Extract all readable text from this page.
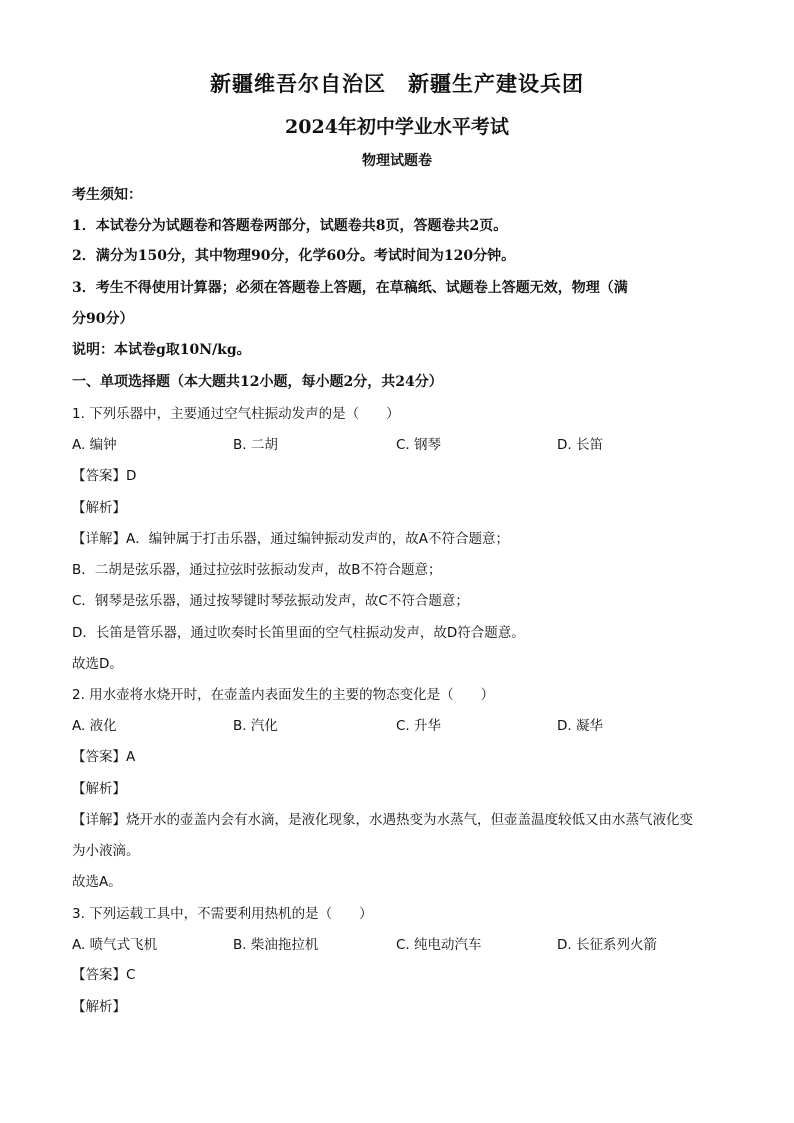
新疆维吾尔自治区　新疆生产建设兵团
2024年初中学业水平考试
物理试题卷
考生须知：
1．本试卷分为试题卷和答题卷两部分，试题卷共8页，答题卷共2页。
2．满分为150分，其中物理90分，化学60分。考试时间为120分钟。
3．考生不得使用计算器；必须在答题卷上答题，在草稿纸、试题卷上答题无效，物理（满
分90分）
说明：本试卷g取10N/kg。
一、单项选择题（本大题共12小题，每小题2分，共24分）
1. 下列乐器中，主要通过空气柱振动发声的是（　　）
A. 编钟	B. 二胡	C. 钢琴	D. 长笛
【答案】D
【解析】
【详解】A．编钟属于打击乐器，通过编钟振动发声的，故A不符合题意；
B．二胡是弦乐器，通过拉弦时弦振动发声，故B不符合题意；
C．钢琴是弦乐器，通过按琴键时琴弦振动发声，故C不符合题意；
D．长笛是管乐器，通过吹奏时长笛里面的空气柱振动发声，故D符合题意。
故选D。
2. 用水壶将水烧开时，在壶盖内表面发生的主要的物态变化是（　　）
A. 液化	B. 汽化	C. 升华	D. 凝华
【答案】A
【解析】
【详解】烧开水的壶盖内会有水滴，是液化现象，水遇热变为水蒸气，但壶盖温度较低又由水蒸气液化变
为小液滴。
故选A。
3. 下列运载工具中，不需要利用热机的是（　　）
A. 喷气式飞机	B. 柴油拖拉机	C. 纯电动汽车	D. 长征系列火箭
【答案】C
【解析】
